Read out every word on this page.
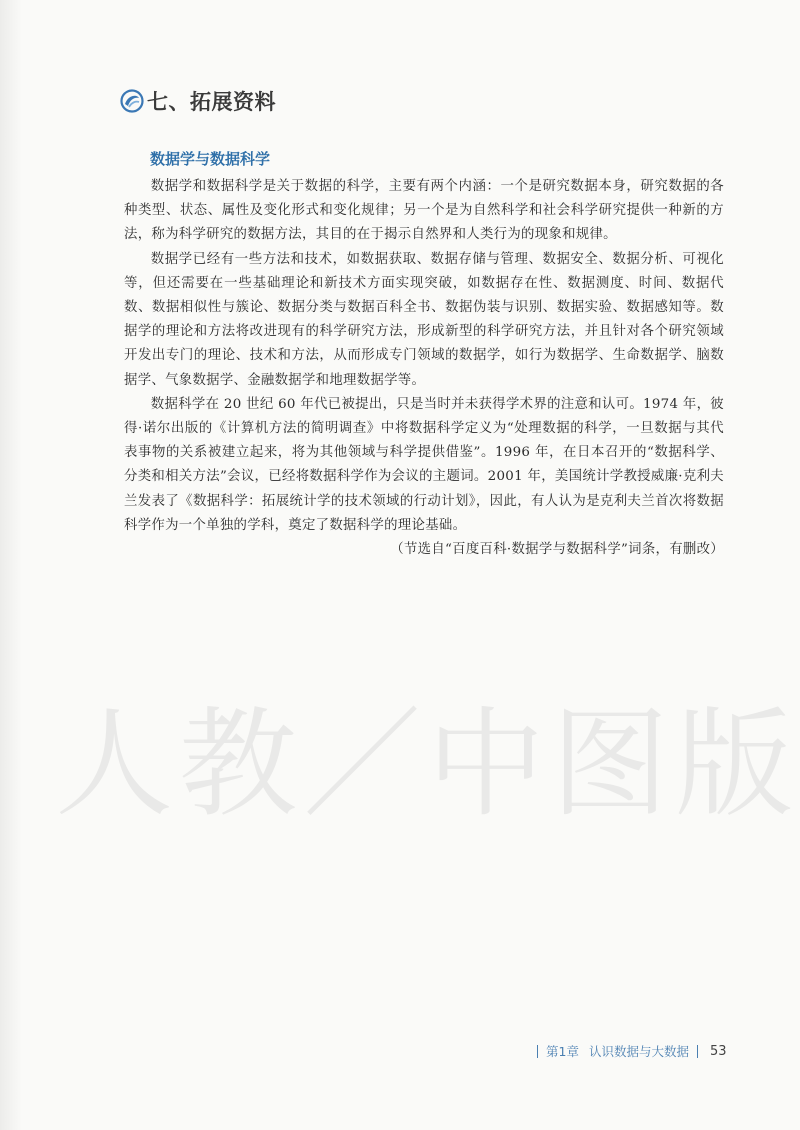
七、拓展资料
数据学与数据科学

数据学和数据科学是关于数据的科学，主要有两个内涵：一个是研究数据本身，研究数据的各种类型、状态、属性及变化形式和变化规律；另一个是为自然科学和社会科学研究提供一种新的方法，称为科学研究的数据方法，其目的在于揭示自然界和人类行为的现象和规律。

数据学已经有一些方法和技术，如数据获取、数据存储与管理、数据安全、数据分析、可视化等，但还需要在一些基础理论和新技术方面实现突破，如数据存在性、数据测度、时间、数据代数、数据相似性与簇论、数据分类与数据百科全书、数据伪装与识别、数据实验、数据感知等。数据学的理论和方法将改进现有的科学研究方法，形成新型的科学研究方法，并且针对各个研究领域开发出专门的理论、技术和方法，从而形成专门领域的数据学，如行为数据学、生命数据学、脑数据学、气象数据学、金融数据学和地理数据学等。

数据科学在 20 世纪 60 年代已被提出，只是当时并未获得学术界的注意和认可。1974 年，彼得·诺尔出版的《计算机方法的简明调查》中将数据科学定义为“处理数据的科学，一旦数据与其代表事物的关系被建立起来，将为其他领域与科学提供借鉴”。1996 年，在日本召开的“数据科学、分类和相关方法”会议，已经将数据科学作为会议的主题词。2001 年，美国统计学教授威廉·克利夫兰发表了《数据科学：拓展统计学的技术领域的行动计划》，因此，有人认为是克利夫兰首次将数据科学作为一个单独的学科，奠定了数据科学的理论基础。

（节选自“百度百科·数据学与数据科学”词条，有删改）

人教／中图版
第1章 认识数据与大数据 53
